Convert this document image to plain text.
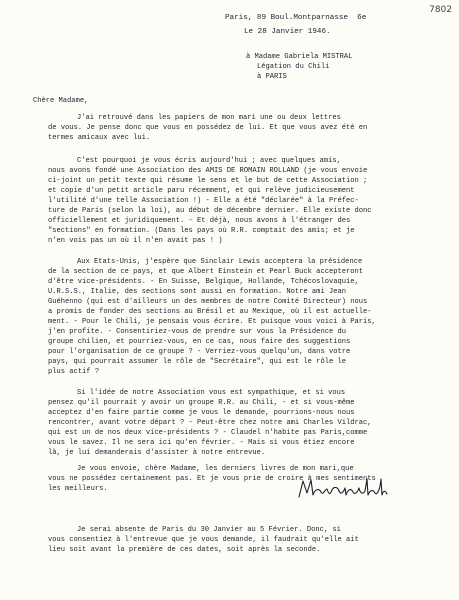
7802
Paris, 89 Boul.Montparnasse  6e
Le 28 Janvier 1946.
à Madame Gabriela MISTRAL
Légation du Chili
à PARIS
Chère Madame,
J'ai retrouvé dans les papiers de mon mari une ou deux lettres
de vous. Je pense donc que vous en possédez de lui. Et que vous avez été en
termes amicaux avec lui.
C'est pourquoi je vous écris aujourd'hui ; avec quelques amis,
nous avons fondé une Association des AMIS DE ROMAIN ROLLAND (je vous envoie
ci-joint un petit texte qui résume le sens et le but de cette Association ;
et copie d'un petit article paru récemment, et qui relève judicieusement
l'utilité d'une telle Association !) - Elle a été "déclarée" à la Préfec-
ture de Paris (selon la loi), au début de décembre dernier. Elle existe donc
officiellement et juridiquement. - Et déjà, nous avons à l'étranger des
"sections" en formation. (Dans les pays où R.R. comptait des amis; et je
n'en vois pas un où il n'en avait pas ! )
Aux Etats-Unis, j'espère que Sinclair Lewis acceptera la présidence
de la section de ce pays, et que Albert Einstein et Pearl Buck accepteront
d'être vice-présidents. - En Suisse, Belgique, Hollande, Tchécoslovaquie,
U.R.S.S., Italie, des sections sont aussi en formation. Notre ami Jean
Guéhenno (qui est d'ailleurs un des membres de notre Comité Directeur) nous
a promis de fonder des sections au Brésil et au Mexique, où il est actuelle-
ment. - Pour le Chili, je pensais vous écrire. Et puisque vous voici à Paris,
j'en profite. - Consentiriez-vous de prendre sur vous la Présidence du
groupe chilien, et pourriez-vous, en ce cas, nous faire des suggestions
pour l'organisation de ce groupe ? - Verriez-vous quelqu'un, dans votre
pays, qui pourrait assumer le rôle de "Secrétaire", qui est le rôle le
plus actif ?
Si l'idée de notre Association vous est sympathique, et si vous
pensez qu'il pourrait y avoir un groupe R.R. au Chili, - et si vous-même
acceptez d'en faire partie comme je vous le demande, pourrions-nous nous
rencontrer, avant votre départ ? - Peut-être chez notre ami Charles Vildrac,
qui est un de nos deux vice-présidents ? - Claudel n'habite pas Paris,comme
vous le savez. Il ne sera ici qu'en février. - Mais si vous étiez encore
là, je lui demanderais d'assister à notre entrevue.
Je vous envoie, chère Madame, les derniers livres de mon mari,que
vous ne possédez certainement pas. Et je vous prie de croire à mes sentiments
les meilleurs.
Je serai absente de Paris du 30 Janvier au 5 Février. Donc, si
vous consentiez à l'entrevue que je vous demande, il faudrait qu'elle ait
lieu soit avant la première de ces dates, soit après la seconde.
